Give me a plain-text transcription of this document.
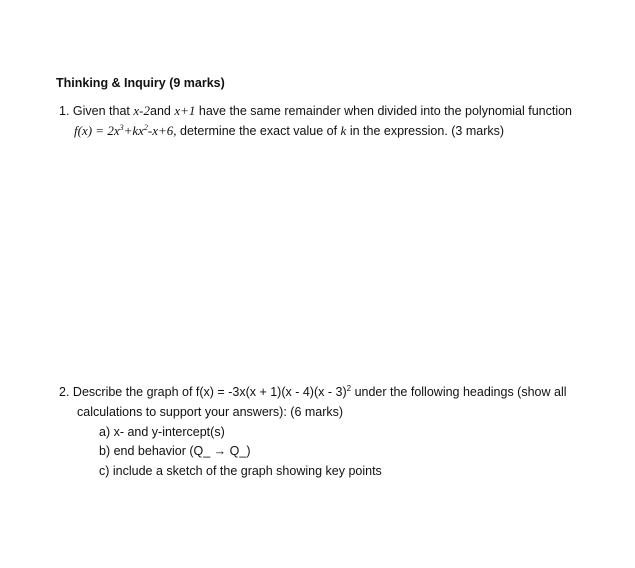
Thinking & Inquiry (9 marks)
1. Given that x-2and x+1 have the same remainder when divided into the polynomial function
$f(x) = 2x^3+kx^2-x+6$, determine the exact value of k in the expression. (3 marks)
2. Describe the graph of f(x) = -3x(x + 1)(x - 4)(x - 3)$^2$ under the following headings (show all
calculations to support your answers): (6 marks)
a) x- and y-intercept(s)
b) end behavior (Q_ → Q_)
c) include a sketch of the graph showing key points
